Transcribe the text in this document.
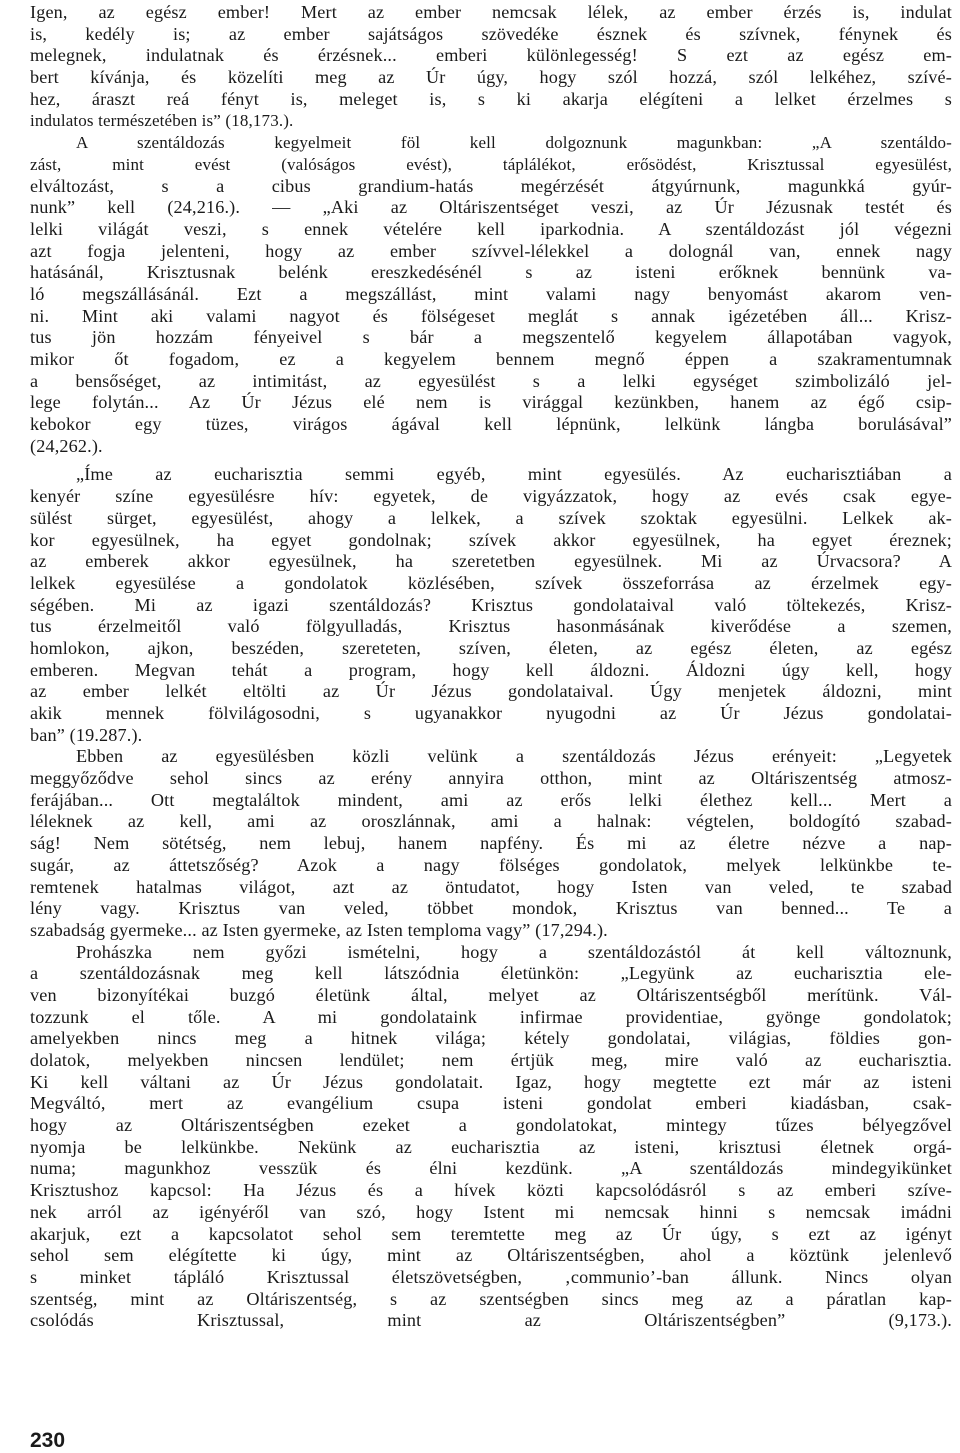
Igen, az egész ember! Mert az ember nemcsak lélek, az ember érzés is, indulat
is, kedély is; az ember sajátságos szövedéke észnek és szívnek, fénynek és
melegnek, indulatnak és érzésnek... emberi különlegesség! S ezt az egész em-
bert kívánja, és közelíti meg az Úr úgy, hogy szól hozzá, szól lelkéhez, szívé-
hez, áraszt reá fényt is, meleget is, s ki akarja elégíteni a lelket érzelmes s
indulatos természetében is” (18,173.).
A szentáldozás kegyelmeit föl kell dolgoznunk magunkban: „A szentáldo-
zást, mint evést (valóságos evést), táplálékot, erősödést, Krisztussal egyesülést,
elváltozást, s a cibus grandium-hatás megérzését átgyúrnunk, magunkká gyúr-
nunk” kell (24,216.). — „Aki az Oltáriszentséget veszi, az Úr Jézusnak testét és
lelki világát veszi, s ennek vételére kell iparkodnia. A szentáldozást jól végezni
azt fogja jelenteni, hogy az ember szívvel-lélekkel a dolognál van, ennek nagy
hatásánál, Krisztusnak belénk ereszkedésénél s az isteni erőknek bennünk va-
ló megszállásánál. Ezt a megszállást, mint valami nagy benyomást akarom ven-
ni. Mint aki valami nagyot és fölségeset meglát s annak igézetében áll... Krisz-
tus jön hozzám fényeivel s bár a megszentelő kegyelem állapotában vagyok,
mikor őt fogadom, ez a kegyelem bennem megnő éppen a szakramentumnak
a bensőséget, az intimitást, az egyesülést s a lelki egységet szimbolizáló jel-
lege folytán... Az Úr Jézus elé nem is virággal kezünkben, hanem az égő csip-
kebokor egy tüzes, virágos ágával kell lépnünk, lelkünk lángba borulásával”
(24,262.).
„Íme az eucharisztia semmi egyéb, mint egyesülés. Az eucharisztiában a
kenyér színe egyesülésre hív: egyetek, de vigyázzatok, hogy az evés csak egye-
sülést sürget, egyesülést, ahogy a lelkek, a szívek szoktak egyesülni. Lelkek ak-
kor egyesülnek, ha egyet gondolnak; szívek akkor egyesülnek, ha egyet éreznek;
az emberek akkor egyesülnek, ha szeretetben egyesülnek. Mi az Úrvacsora? A
lelkek egyesülése a gondolatok közlésében, szívek összeforrása az érzelmek egy-
ségében. Mi az igazi szentáldozás? Krisztus gondolataival való töltekezés, Krisz-
tus érzelmeitől való fölgyulladás, Krisztus hasonmásának kiverődése a szemen,
homlokon, ajkon, beszéden, szereteten, szíven, életen, az egész életen, az egész
emberen. Megvan tehát a program, hogy kell áldozni. Áldozni úgy kell, hogy
az ember lelkét eltölti az Úr Jézus gondolataival. Úgy menjetek áldozni, mint
akik mennek fölvilágosodni, s ugyanakkor nyugodni az Úr Jézus gondolatai-
ban” (19.287.).
Ebben az egyesülésben közli velünk a szentáldozás Jézus erényeit: „Legyetek
meggyőződve sehol sincs az erény annyira otthon, mint az Oltáriszentség atmosz-
ferájában... Ott megtaláltok mindent, ami az erős lelki élethez kell... Mert a
léleknek az kell, ami az oroszlánnak, ami a halnak: végtelen, boldogító szabad-
ság! Nem sötétség, nem lebuj, hanem napfény. És mi az életre nézve a nap-
sugár, az áttetszőség? Azok a nagy fölséges gondolatok, melyek lelkünkbe te-
remtenek hatalmas világot, azt az öntudatot, hogy Isten van veled, te szabad
lény vagy. Krisztus van veled, többet mondok, Krisztus van benned... Te a
szabadság gyermeke... az Isten gyermeke, az Isten temploma vagy” (17,294.).
Prohászka nem győzi ismételni, hogy a szentáldozástól át kell változnunk,
a szentáldozásnak meg kell látszódnia életünkön: „Legyünk az eucharisztia ele-
ven bizonyítékai buzgó életünk által, melyet az Oltáriszentségből merítünk. Vál-
tozzunk el tőle. A mi gondolataink infirmae providentiae, gyönge gondolatok;
amelyekben nincs meg a hitnek világa; kétely gondolatai, világias, földies gon-
dolatok, melyekben nincsen lendület; nem értjük meg, mire való az eucharisztia.
Ki kell váltani az Úr Jézus gondolatait. Igaz, hogy megtette ezt már az isteni
Megváltó, mert az evangélium csupa isteni gondolat emberi kiadásban, csak-
hogy az Oltáriszentségben ezeket a gondolatokat, mintegy tűzes bélyegzővel
nyomja be lelkünkbe. Nekünk az eucharisztia az isteni, krisztusi életnek orgá-
numa; magunkhoz vesszük és élni kezdünk. „A szentáldozás mindegyikünket
Krisztushoz kapcsol: Ha Jézus és a hívek közti kapcsolódásról s az emberi szíve-
nek arról az igényéről van szó, hogy Istent mi nemcsak hinni s nemcsak imádni
akarjuk, ezt a kapcsolatot sehol sem teremtette meg az Úr úgy, s ezt az igényt
sehol sem elégítette ki úgy, mint az Oltáriszentségben, ahol a köztünk jelenlevő
s minket tápláló Krisztussal életszövetségben, ‚communio’-ban állunk. Nincs olyan
szentség, mint az Oltáriszentség, s az szentségben sincs meg az a páratlan kap-
csolódás Krisztussal, mint az Oltáriszentségben” (9,173.).
230
